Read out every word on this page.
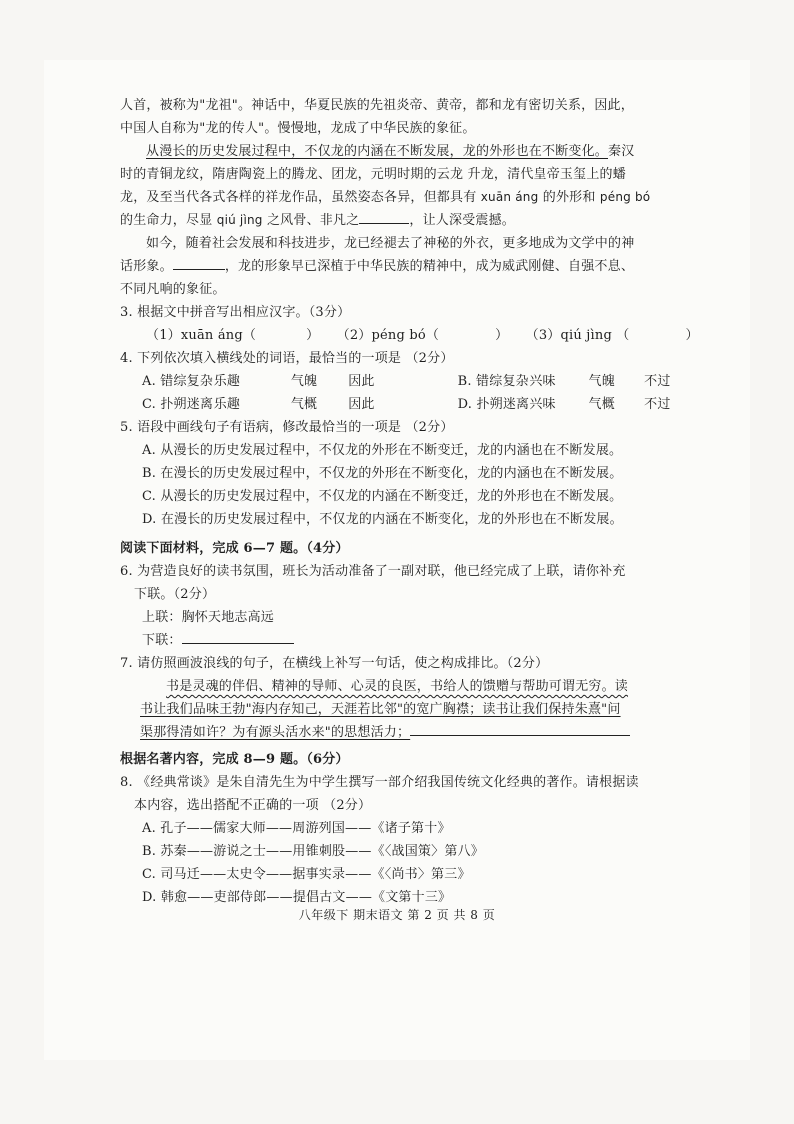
人首，被称为"龙祖"。神话中，华夏民族的先祖炎帝、黄帝，都和龙有密切关系，因此，
中国人自称为"龙的传人"。慢慢地，龙成了中华民族的象征。
从漫长的历史发展过程中，不仅龙的内涵在不断发展，龙的外形也在不断变化。秦汉
时的青铜龙纹，隋唐陶瓷上的腾龙、团龙，元明时期的云龙 升龙，清代皇帝玉玺上的蟠
龙，及至当代各式各样的祥龙作品，虽然姿态各异，但都具有 xuān áng 的外形和 péng bó
的生命力，尽显 qiú jìng 之风骨、非凡之	，让人深受震撼。
如今，随着社会发展和科技进步，龙已经褪去了神秘的外衣，更多地成为文学中的神
话形象。	，龙的形象早已深植于中华民族的精神中，成为威武刚健、自强不息、
不同凡响的象征。
3. 根据文中拼音写出相应汉字。（3分）
（1）xuān áng（	） （2）péng bó（	） （3）qiú jìng （	）
4. 下列依次填入横线处的词语，最恰当的一项是 （2分）
A. 错综复杂 乐趣	气魄	因此	B. 错综复杂 兴味	气魄	不过
C. 扑朔迷离 乐趣	气概	因此	D. 扑朔迷离 兴味	气概	不过
5. 语段中画线句子有语病，修改最恰当的一项是 （2分）
A. 从漫长的历史发展过程中，不仅龙的外形在不断变迁，龙的内涵也在不断发展。
B. 在漫长的历史发展过程中，不仅龙的外形在不断变化，龙的内涵也在不断发展。
C. 从漫长的历史发展过程中，不仅龙的内涵在不断变迁，龙的外形也在不断发展。
D. 在漫长的历史发展过程中，不仅龙的内涵在不断变化，龙的外形也在不断发展。
阅读下面材料，完成 6—7 题。（4分）
6. 为营造良好的读书氛围，班长为活动准备了一副对联，他已经完成了上联，请你补充
下联。（2分）
上联：胸怀天地志高远
下联：
7. 请仿照画波浪线的句子，在横线上补写一句话，使之构成排比。（2分）
书是灵魂的伴侣、精神的导师、心灵的良医，书给人的馈赠与帮助可谓无穷。读
书让我们品味王勃"海内存知己，天涯若比邻"的宽广胸襟；读书让我们保持朱熹"问
渠那得清如许？为有源头活水来"的思想活力；
根据名著内容，完成 8—9 题。（6分）
8. 《经典常谈》是朱自清先生为中学生撰写一部介绍我国传统文化经典的著作。请根据读
本内容，选出搭配不正确的一项 （2分）
A. 孔子——儒家大师——周游列国——《诸子第十》
B. 苏秦——游说之士——用锥刺股——《〈战国策〉第八》
C. 司马迁——太史令——据事实录——《〈尚书〉第三》
D. 韩愈——吏部侍郎——提倡古文——《文第十三》
八年级下 期末语文 第 2 页 共 8 页
